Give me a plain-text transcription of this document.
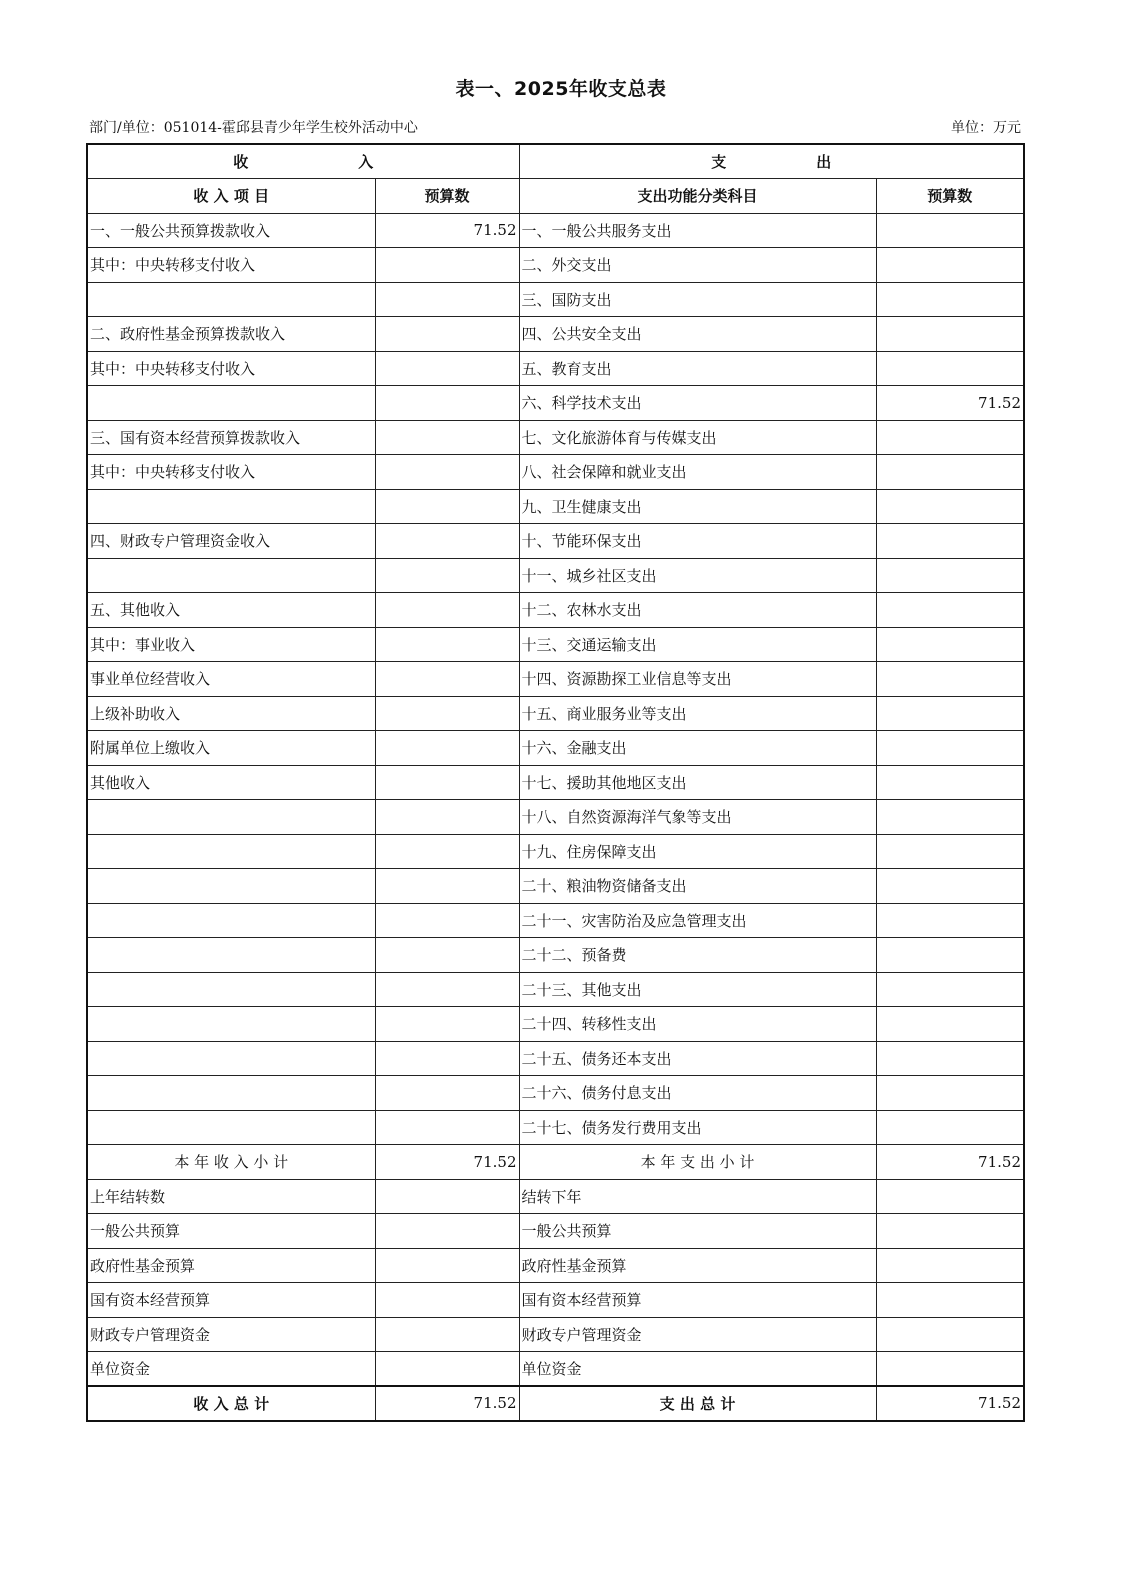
表一、2025年收支总表
部门/单位：051014-霍邱县青少年学生校外活动中心	单位：万元
收 入		支 出	
收 入 项 目	预算数	支出功能分类科目	预算数
一、一般公共预算拨款收入	71.52	一、一般公共服务支出	
其中：中央转移支付收入		二、外交支出	
		三、国防支出	
二、政府性基金预算拨款收入		四、公共安全支出	
其中：中央转移支付收入		五、教育支出	
		六、科学技术支出	71.52
三、国有资本经营预算拨款收入		七、文化旅游体育与传媒支出	
其中：中央转移支付收入		八、社会保障和就业支出	
		九、卫生健康支出	
四、财政专户管理资金收入		十、节能环保支出	
		十一、城乡社区支出	
五、其他收入		十二、农林水支出	
其中：事业收入		十三、交通运输支出	
事业单位经营收入		十四、资源勘探工业信息等支出	
上级补助收入		十五、商业服务业等支出	
附属单位上缴收入		十六、金融支出	
其他收入		十七、援助其他地区支出	
		十八、自然资源海洋气象等支出	
		十九、住房保障支出	
		二十、粮油物资储备支出	
		二十一、灾害防治及应急管理支出	
		二十二、预备费	
		二十三、其他支出	
		二十四、转移性支出	
		二十五、债务还本支出	
		二十六、债务付息支出	
		二十七、债务发行费用支出	
本 年 收 入 小 计	71.52	本 年 支 出 小 计	71.52
上年结转数		结转下年	
一般公共预算		一般公共预算	
政府性基金预算		政府性基金预算	
国有资本经营预算		国有资本经营预算	
财政专户管理资金		财政专户管理资金	
单位资金		单位资金	
收 入 总 计	71.52	支 出 总 计	71.52
